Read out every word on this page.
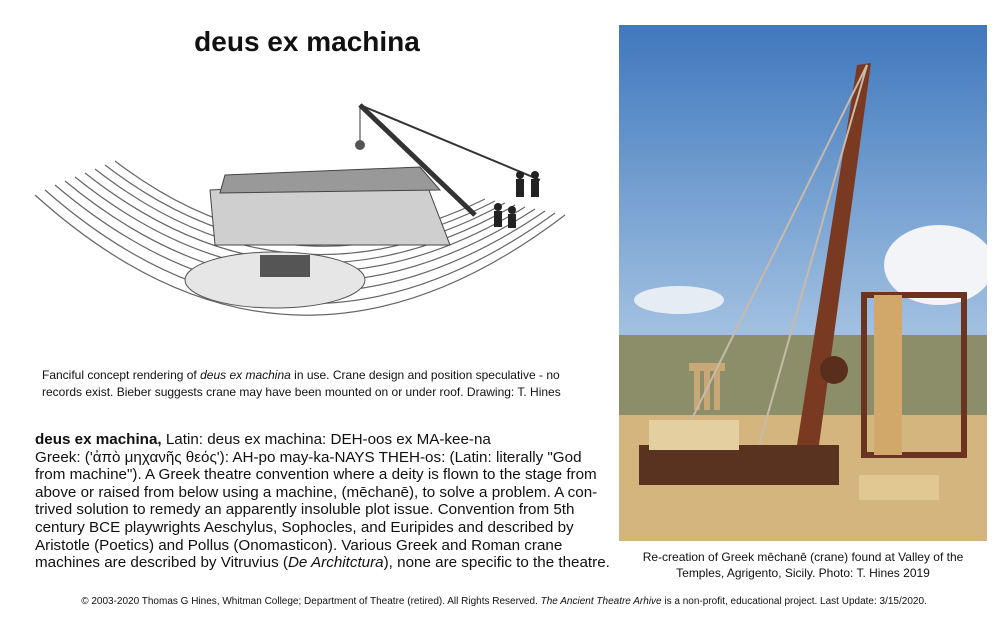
deus ex machina
Fanciful concept rendering of deus ex machina in use. Crane design and position speculative - no records exist. Bieber suggests crane may have been mounted on or under roof. Drawing: T. Hines
deus ex machina, Latin: deus ex machina: DEH-oos ex MA-kee-na
Greek: ('ἀπὸ μηχανῆς θεός'): AH-po may-ka-NAYS THEH-os: (Latin: literally "God from machine"). A Greek theatre convention where a deity is flown to the stage from above or raised from below using a machine, (mēchanē), to solve a problem. A con-trived solution to remedy an apparently insoluble plot issue. Convention from 5th century BCE playwrights Aeschylus, Sophocles, and Euripides and described by Aristotle (Poetics) and Pollus (Onomasticon). Various Greek and Roman crane machines are described by Vitruvius (De Architctura), none are specific to the theatre.	Re-creation of Greek mēchanē (crane) found at Valley of the Temples, Agrigento, Sicily. Photo: T. Hines 2019
© 2003-2020 Thomas G Hines, Whitman College; Department of Theatre (retired). All Rights Reserved. The Ancient Theatre Arhive is a non-profit, educational project. Last Update: 3/15/2020.
